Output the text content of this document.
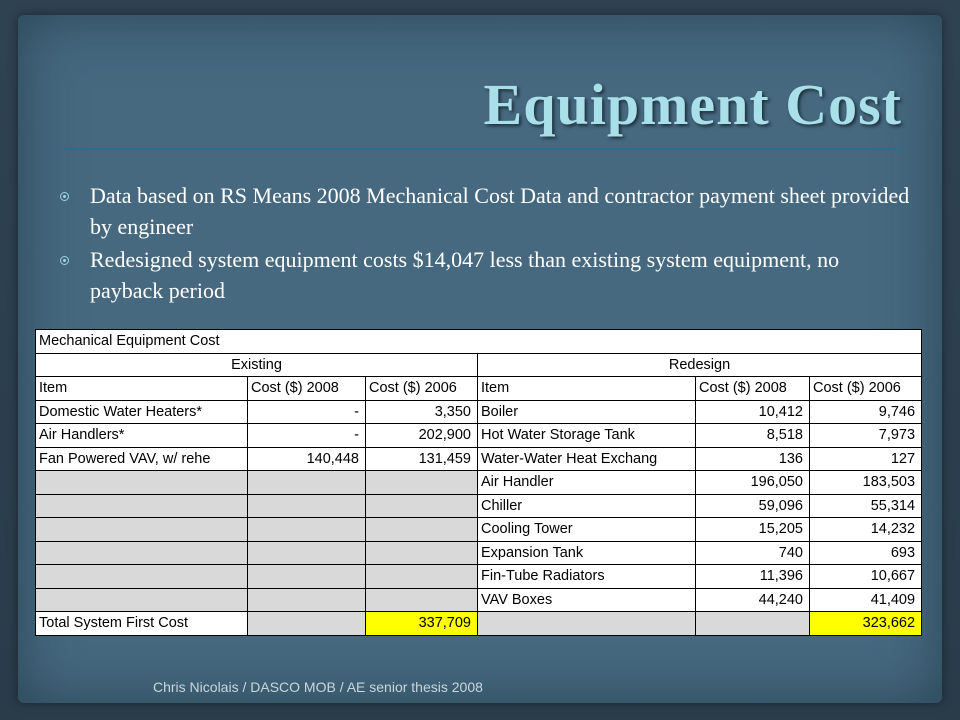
Equipment Cost
Data based on RS Means 2008 Mechanical Cost Data and contractor payment sheet provided by engineer
Redesigned system equipment costs $14,047 less than existing system equipment, no payback period
Mechanical Equipment Cost					
Existing			Redesign		
Item	Cost ($) 2008	Cost ($) 2006	Item	Cost ($) 2008	Cost ($) 2006
Domestic Water Heaters*	-	3,350	Boiler	10,412	9,746
Air Handlers*	-	202,900	Hot Water Storage Tank	8,518	7,973
Fan Powered VAV, w/ rehe	140,448	131,459	Water-Water Heat Exchang	136	127
			Air Handler	196,050	183,503
			Chiller	59,096	55,314
			Cooling Tower	15,205	14,232
			Expansion Tank	740	693
			Fin-Tube Radiators	11,396	10,667
			VAV Boxes	44,240	41,409
Total System First Cost		337,709			323,662
Chris Nicolais / DASCO MOB / AE senior thesis 2008
